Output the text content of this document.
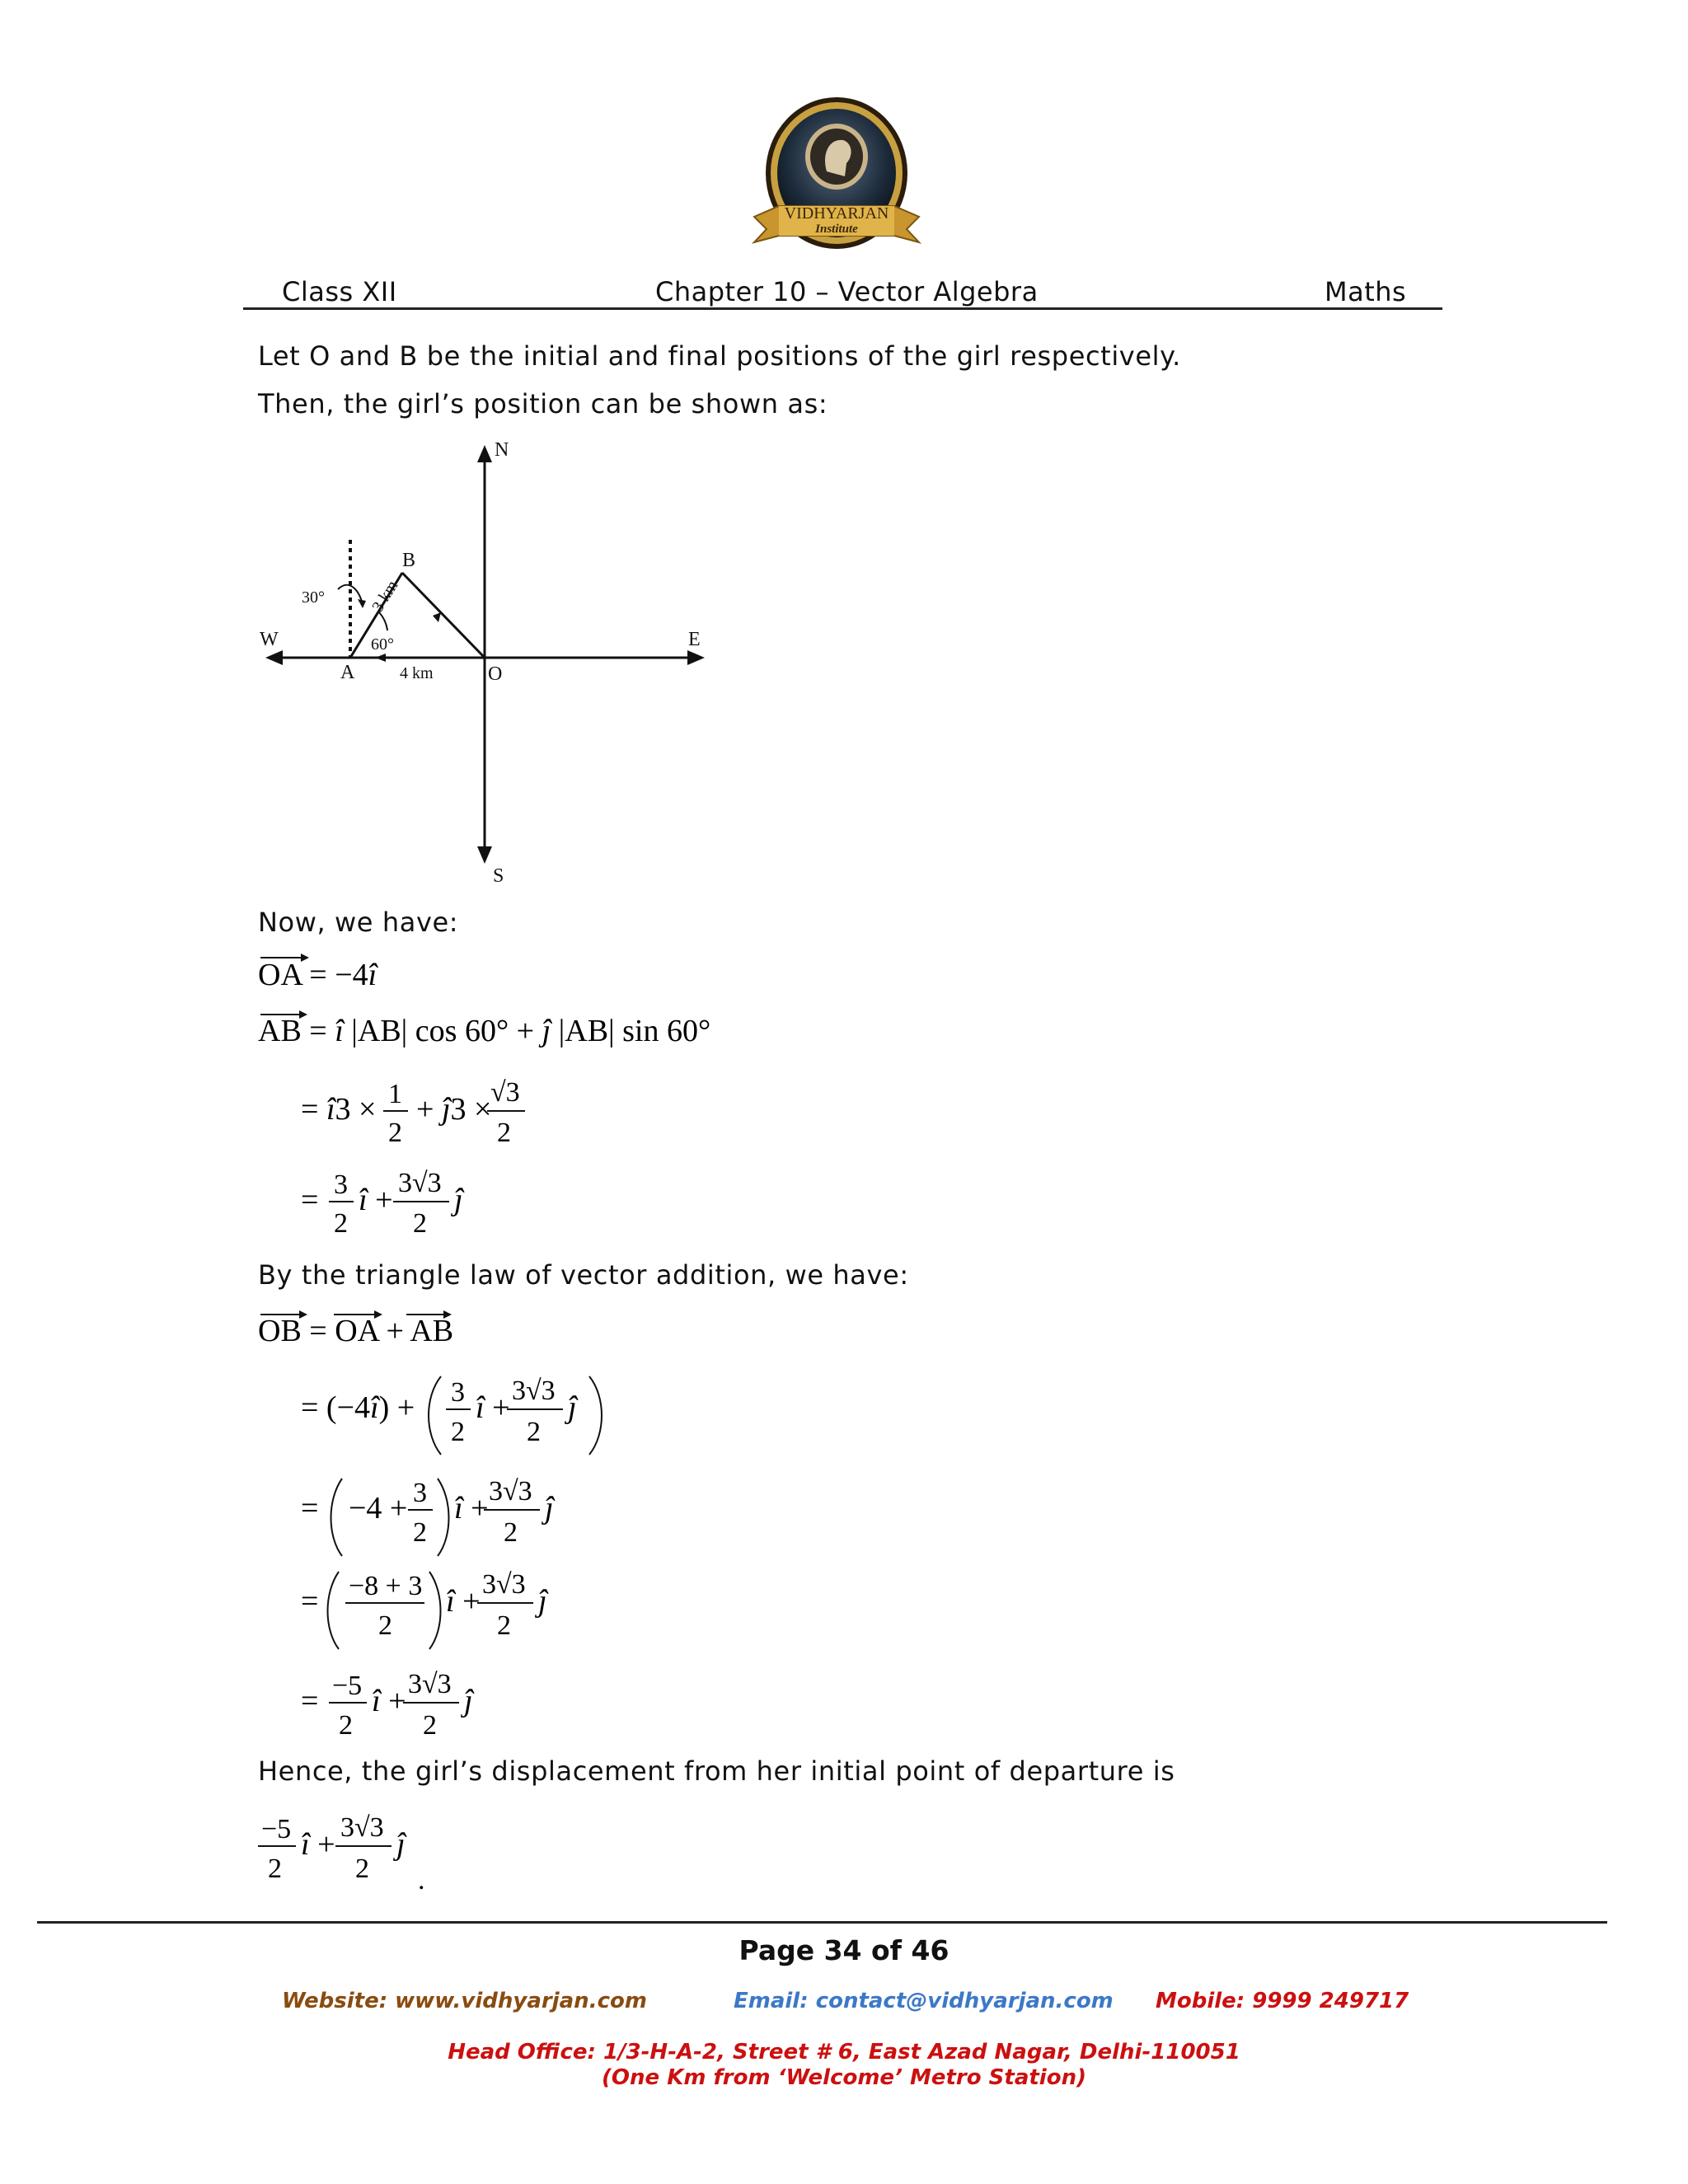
VIDHYARJAN
Institute
Class XII	Chapter 10 – Vector Algebra	Maths
Let O and B be the initial and final positions of the girl respectively.
Then, the girl’s position can be shown as:
N
S
E
W
A
B
O
30°
60°
4 km
3 km
Now, we have:
OA = −4î
AB = î |AB| cos 60° + ĵ |AB| sin 60°
= î3 × 1
2
+ ĵ3 ×
√3
2
= 3
2
î + 3√3
2
ĵ
By the triangle law of vector addition, we have:
OB = OA + AB
= (−4î) + 3
2
î + 3√3
2
ĵ
= −4 + 3
2
î + 3√3
2
ĵ
= −8 + 3
2
î + 3√3
2
ĵ
= −5
2
î + 3√3
2
ĵ
Hence, the girl’s displacement from her initial point of departure is
−5
2
î + 3√3
2
ĵ
.
Page 34 of 46
Website: www.vidhyarjan.com	Email: contact@vidhyarjan.com Mobile: 9999 249717
Head Office: 1/3-H-A-2, Street # 6, East Azad Nagar, Delhi-110051
(One Km from ‘Welcome’ Metro Station)
